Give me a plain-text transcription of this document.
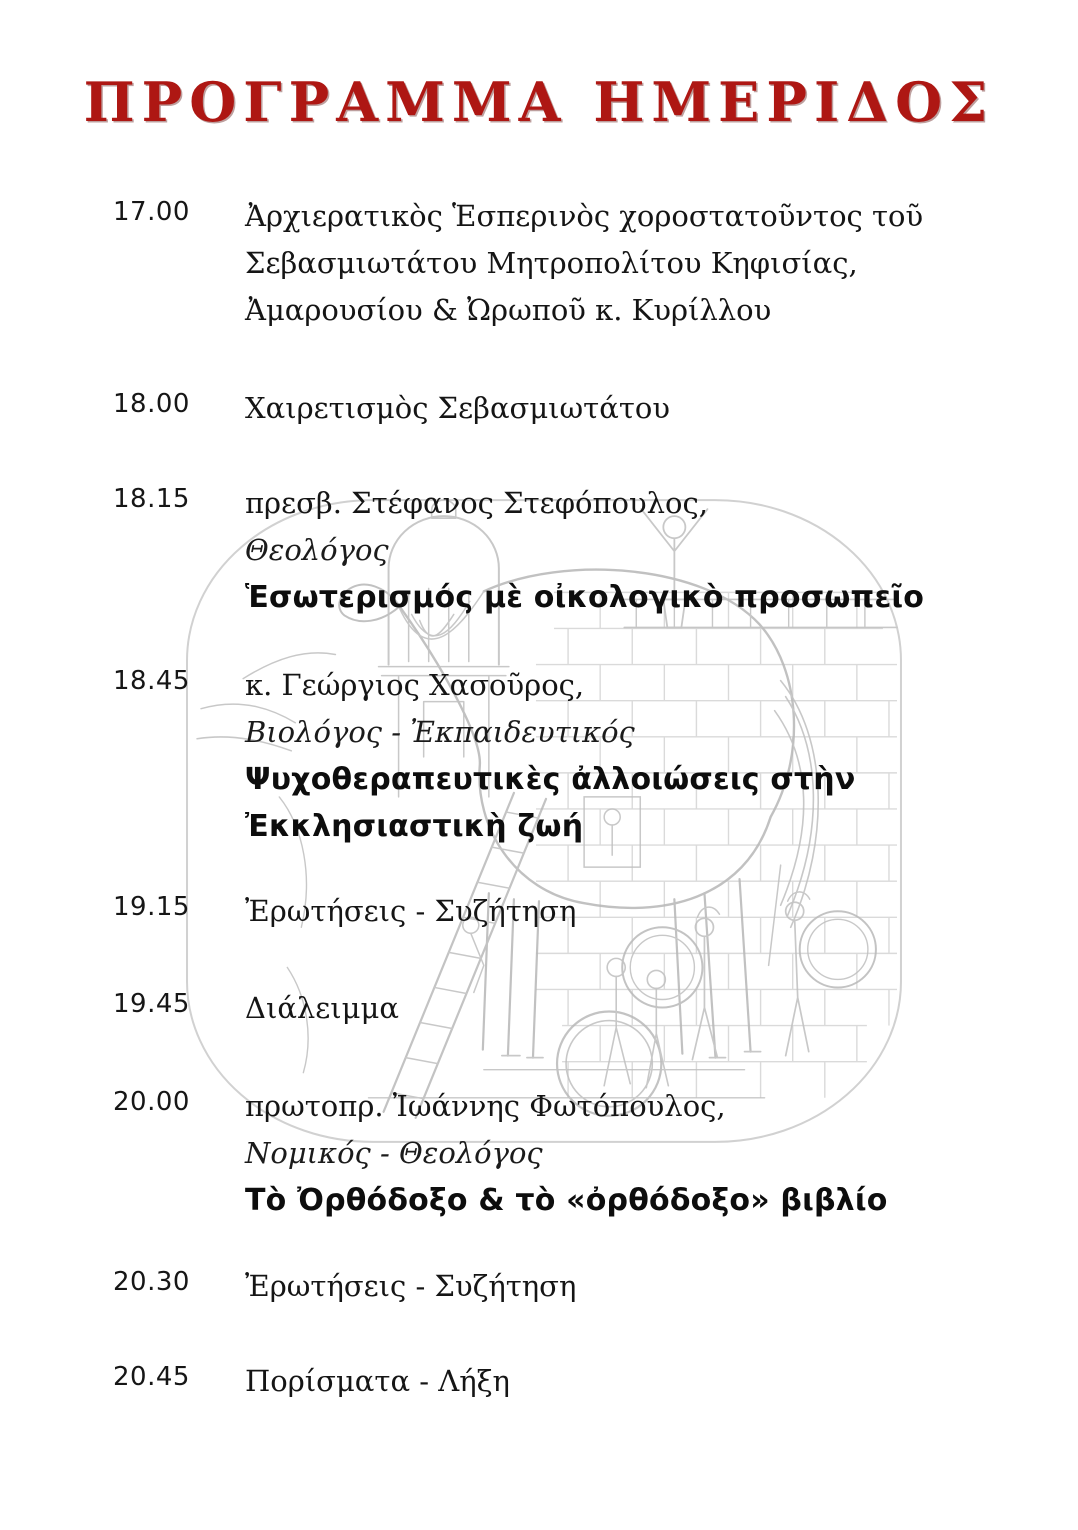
ΠΡΟΓΡΑΜΜΑ ΗΜΕΡΙΔΟΣ
17.00 Ἀρχιερατικὸς Ἑσπερινὸς χοροστατοῦντος τοῦ
Σεβασμιωτάτου Μητροπολίτου Κηφισίας,
Ἀμαρουσίου & Ὠρωποῦ κ. Κυρίλλου
18.00 Χαιρετισμὸς Σεβασμιωτάτου
18.15 πρεσβ. Στέφανος Στεφόπουλος,
Θεολόγος
Ἑσωτερισμός μὲ οἰκολογικὸ προσωπεῖο
18.45 κ. Γεώργιος Χασοῦρος,
Βιολόγος - Ἐκπαιδευτικός
Ψυχοθεραπευτικὲς ἀλλοιώσεις στὴν
Ἐκκλησιαστικὴ ζωή
19.15 Ἐρωτήσεις - Συζήτηση
19.45 Διάλειμμα
20.00 πρωτοπρ. Ἰωάννης Φωτόπουλος,
Νομικός - Θεολόγος
Τὸ Ὀρθόδοξο & τὸ «ὀρθόδοξο» βιβλίο
20.30 Ἐρωτήσεις - Συζήτηση
20.45 Πορίσματα - Λήξη
